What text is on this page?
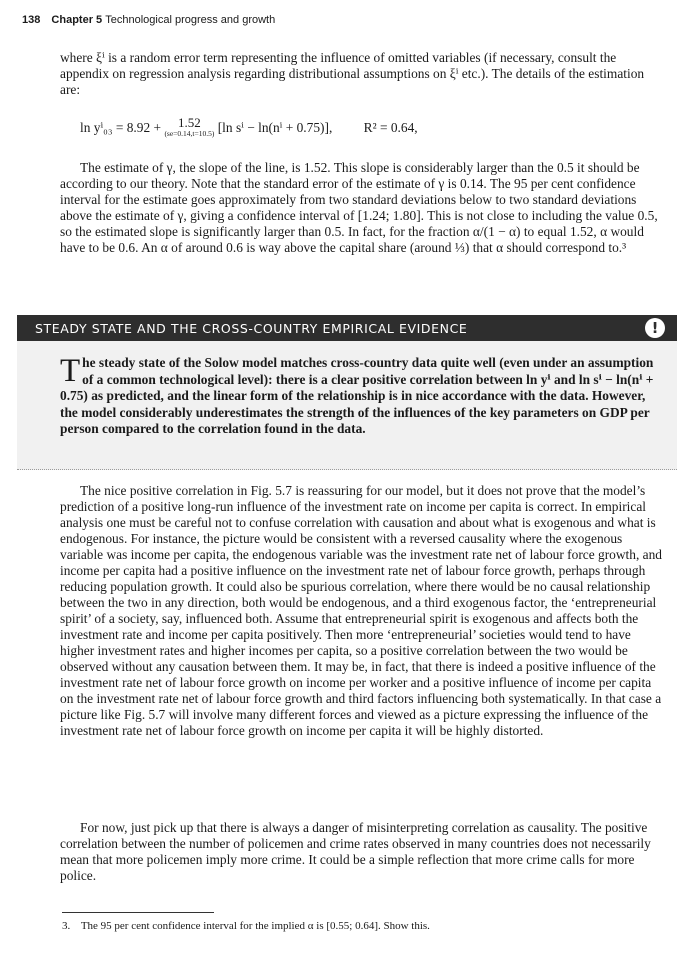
138 Chapter 5 Technological progress and growth

where ξⁱ is a random error term representing the influence of omitted variables (if necessary, consult the appendix on regression analysis regarding distributional assumptions on ξⁱ etc.). The details of the estimation are:

ln yⁱ₀₃ = 8.92 +	1.52
(se=0.14,t=10.5) [ln sⁱ − ln(nⁱ + 0.75)], R² = 0.64,

The estimate of γ, the slope of the line, is 1.52. This slope is considerably larger than the 0.5 it should be according to our theory. Note that the standard error of the estimate of γ is 0.14. The 95 per cent confidence interval for the estimate goes approximately from two standard deviations below to two standard deviations above the estimate of γ, giving a confidence interval of [1.24; 1.80]. This is not close to including the value 0.5, so the estimated slope is significantly larger than 0.5. In fact, for the fraction α/(1 − α) to equal 1.52, α would have to be 0.6. An α of around 0.6 is way above the capital share (around ⅓) that α should correspond to.³

STEADY STATE AND THE CROSS-COUNTRY EMPIRICAL EVIDENCE	!

The steady state of the Solow model matches cross-country data quite well (even under an assumption of a common technological level): there is a clear positive correlation between ln yⁱ and ln sⁱ − ln(nⁱ + 0.75) as predicted, and the linear form of the relationship is in nice accordance with the data. However, the model considerably underestimates the strength of the influences of the key parameters on GDP per person compared to the correlation found in the data.

The nice positive correlation in Fig. 5.7 is reassuring for our model, but it does not prove that the model’s prediction of a positive long-run influence of the investment rate on income per capita is correct. In empirical analysis one must be careful not to confuse correlation with causation and about what is exogenous and what is endogenous. For instance, the picture would be consistent with a reversed causality where the exogenous variable was income per capita, the endogenous variable was the investment rate net of labour force growth, and income per capita had a positive influence on the investment rate net of labour force growth, perhaps through reducing population growth. It could also be spurious correlation, where there would be no causal relationship between the two in any direction, both would be endogenous, and a third exogenous factor, the ‘entrepreneurial spirit’ of a society, say, influenced both. Assume that entrepreneurial spirit is exogenous and affects both the investment rate and income per capita positively. Then more ‘entrepreneurial’ societies would tend to have higher investment rates and higher incomes per capita, so a positive correlation between the two would be observed without any causation between them. It may be, in fact, that there is indeed a positive influence of the investment rate net of labour force growth on income per worker and a positive influence of income per capita on the investment rate net of labour force growth and third factors influencing both systematically. In that case a picture like Fig. 5.7 will involve many different forces and viewed as a picture expressing the influence of the investment rate net of labour force growth on income per capita it will be highly distorted.

For now, just pick up that there is always a danger of misinterpreting correlation as causality. The positive correlation between the number of policemen and crime rates observed in many countries does not necessarily mean that more policemen imply more crime. It could be a simple reflection that more crime calls for more police.

3. The 95 per cent confidence interval for the implied α is [0.55; 0.64]. Show this.
